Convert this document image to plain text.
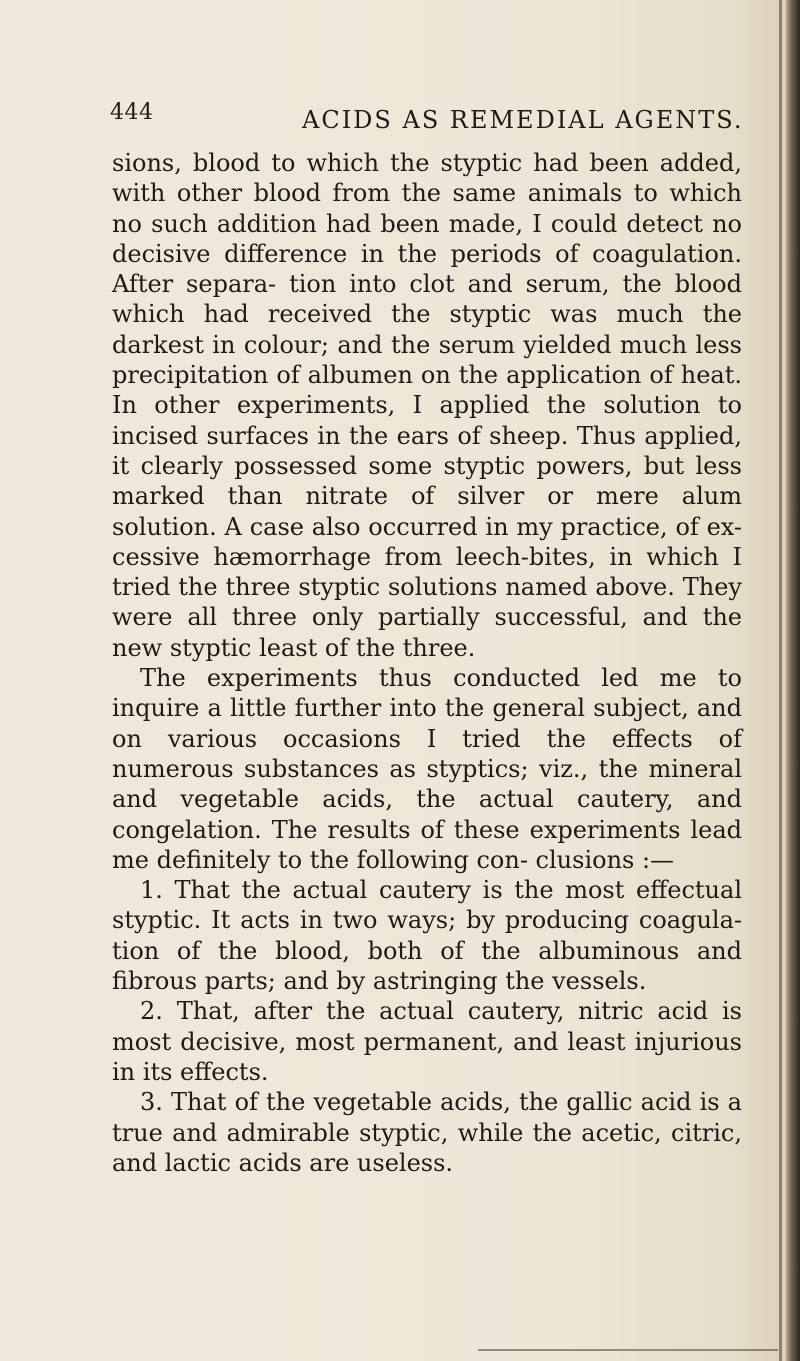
444	ACIDS AS REMEDIAL AGENTS.

sions, blood to which the styptic had been added, with other blood from the same animals to which no such addition had been made, I could detect no decisive difference in the periods of coagulation. After separa- tion into clot and serum, the blood which had received the styptic was much the darkest in colour; and the serum yielded much less precipitation of albumen on the application of heat. In other experiments, I applied the solution to incised surfaces in the ears of sheep. Thus applied, it clearly possessed some styptic powers, but less marked than nitrate of silver or mere alum solution. A case also occurred in my practice, of ex- cessive hæmorrhage from leech-bites, in which I tried the three styptic solutions named above. They were all three only partially successful, and the new styptic least of the three.

The experiments thus conducted led me to inquire a little further into the general subject, and on various occasions I tried the effects of numerous substances as styptics; viz., the mineral and vegetable acids, the actual cautery, and congelation. The results of these experiments lead me definitely to the following con- clusions :—

1. That the actual cautery is the most effectual styptic. It acts in two ways; by producing coagula- tion of the blood, both of the albuminous and fibrous parts; and by astringing the vessels.

2. That, after the actual cautery, nitric acid is most decisive, most permanent, and least injurious in its effects.

3. That of the vegetable acids, the gallic acid is a true and admirable styptic, while the acetic, citric, and lactic acids are useless.
